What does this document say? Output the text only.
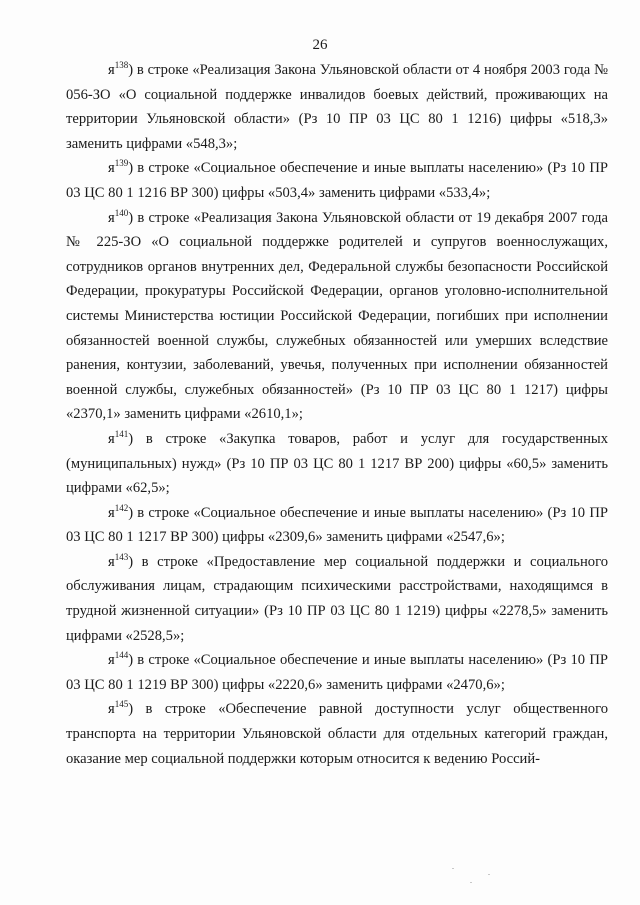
26

$я^{138}$) в строке «Реализация Закона Ульяновской области от 4 ноября 2003 года № 056-ЗО «О социальной поддержке инвалидов боевых действий, проживающих на территории Ульяновской области» (Рз 10 ПР 03 ЦС 80 1 1216) цифры «518,3» заменить цифрами «548,3»;

$я^{139}$) в строке «Социальное обеспечение и иные выплаты населению» (Рз 10 ПР 03 ЦС 80 1 1216 ВР 300) цифры «503,4» заменить цифрами «533,4»;

$я^{140}$) в строке «Реализация Закона Ульяновской области от 19 декабря 2007 года № 225-ЗО «О социальной поддержке родителей и супругов военнослужащих, сотрудников органов внутренних дел, Федеральной службы безопасности Российской Федерации, прокуратуры Российской Федерации, органов уголовно-исполнительной системы Министерства юстиции Российской Федерации, погибших при исполнении обязанностей военной службы, служебных обязанностей или умерших вследствие ранения, контузии, заболеваний, увечья, полученных при исполнении обязанностей военной службы, служебных обязанностей» (Рз 10 ПР 03 ЦС 80 1 1217) цифры «2370,1» заменить цифрами «2610,1»;

$я^{141}$) в строке «Закупка товаров, работ и услуг для государственных (муниципальных) нужд» (Рз 10 ПР 03 ЦС 80 1 1217 ВР 200) цифры «60,5» заменить цифрами «62,5»;

$я^{142}$) в строке «Социальное обеспечение и иные выплаты населению» (Рз 10 ПР 03 ЦС 80 1 1217 ВР 300) цифры «2309,6» заменить цифрами «2547,6»;

$я^{143}$) в строке «Предоставление мер социальной поддержки и социального обслуживания лицам, страдающим психическими расстройствами, находящимся в трудной жизненной ситуации» (Рз 10 ПР 03 ЦС 80 1 1219) цифры «2278,5» заменить цифрами «2528,5»;

$я^{144}$) в строке «Социальное обеспечение и иные выплаты населению» (Рз 10 ПР 03 ЦС 80 1 1219 ВР 300) цифры «2220,6» заменить цифрами «2470,6»;

$я^{145}$) в строке «Обеспечение равной доступности услуг общественного транспорта на территории Ульяновской области для отдельных категорий граждан, оказание мер социальной поддержки которым относится к ведению Россий-
